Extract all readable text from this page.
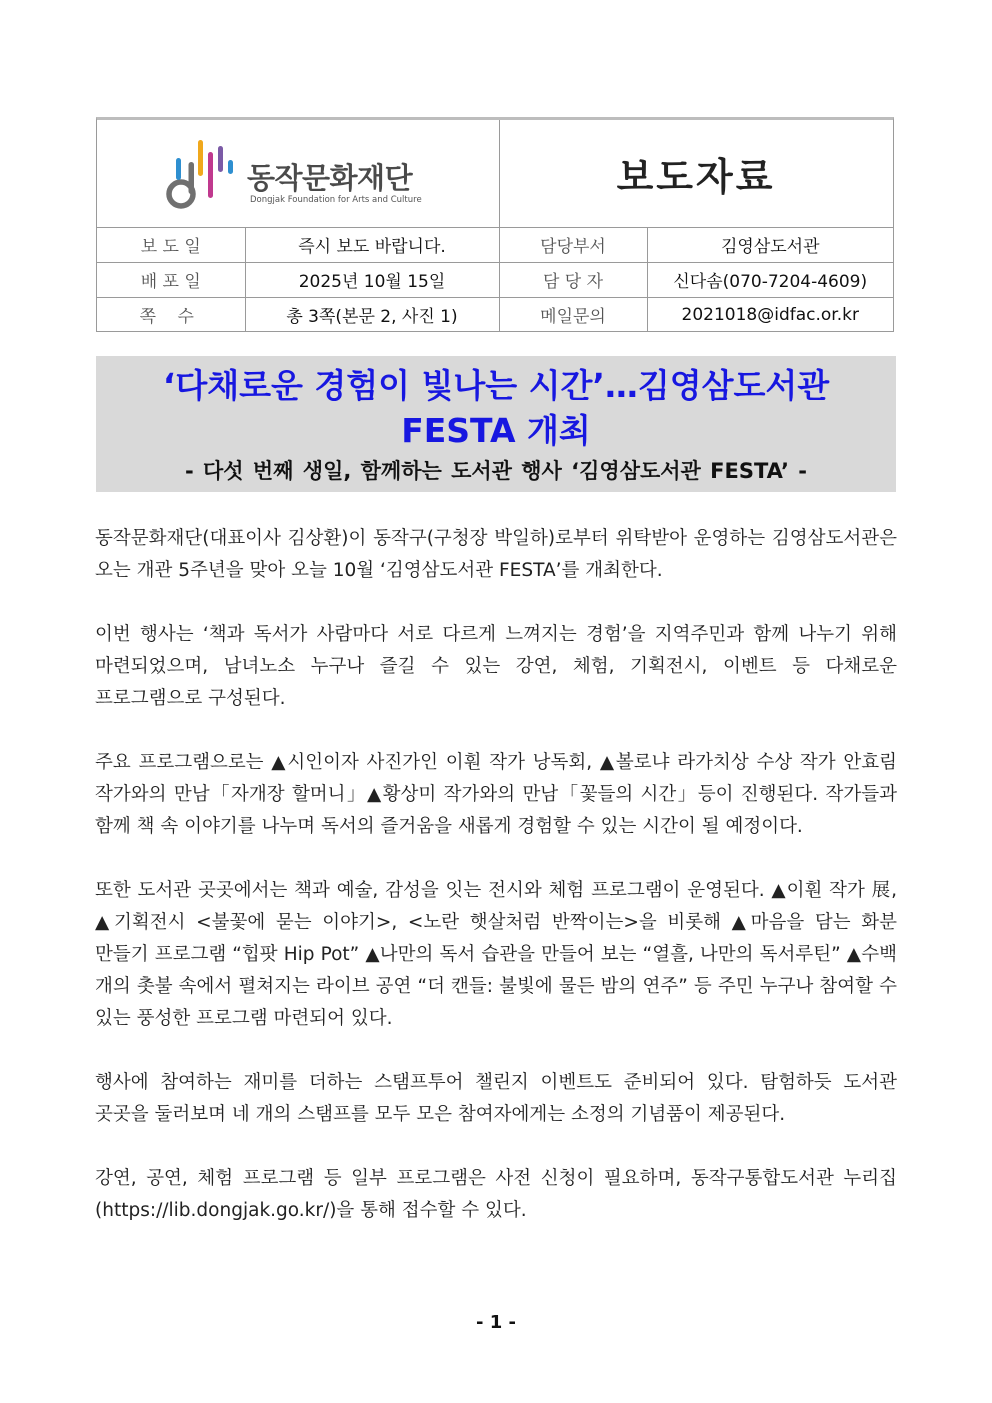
동작문화재단
Dongjak Foundation for Arts and Culture
보도자료
보 도 일	즉시 보도 바랍니다.	담당부서	김영삼도서관
배 포 일	2025년 10월 15일	담 당 자	신다솜(070-7204-4609)
쪽 수	총 3쪽(본문 2, 사진 1)	메일문의	2021018@idfac.or.kr
‘다채로운 경험이 빛나는 시간’…김영삼도서관
FESTA 개최
- 다섯 번째 생일, 함께하는 도서관 행사 ‘김영삼도서관 FESTA’ -

동작문화재단(대표이사 김상환)이 동작구(구청장 박일하)로부터 위탁받아 운영하는 김영삼도서관은 오는 개관 5주년을 맞아 오늘 10월 ‘김영삼도서관 FESTA’를 개최한다.

이번 행사는 ‘책과 독서가 사람마다 서로 다르게 느껴지는 경험’을 지역주민과 함께 나누기 위해 마련되었으며, 남녀노소 누구나 즐길 수 있는 강연, 체험, 기획전시, 이벤트 등 다채로운 프로그램으로 구성된다.

주요 프로그램으로는 ▲시인이자 사진가인 이훤 작가 낭독회, ▲볼로냐 라가치상 수상 작가 안효림 작가와의 만남「자개장 할머니」▲황상미 작가와의 만남「꽃들의 시간」등이 진행된다. 작가들과 함께 책 속 이야기를 나누며 독서의 즐거움을 새롭게 경험할 수 있는 시간이 될 예정이다.

또한 도서관 곳곳에서는 책과 예술, 감성을 잇는 전시와 체험 프로그램이 운영된다. ▲이훤 작가 展, ▲기획전시 <불꽃에 묻는 이야기>, <노란 햇살처럼 반짝이는>을 비롯해 ▲마음을 담는 화분 만들기 프로그램 “힙팟 Hip Pot” ▲나만의 독서 습관을 만들어 보는 “열흘, 나만의 독서루틴” ▲수백 개의 촛불 속에서 펼쳐지는 라이브 공연 “더 캔들: 불빛에 물든 밤의 연주” 등 주민 누구나 참여할 수 있는 풍성한 프로그램 마련되어 있다.

행사에 참여하는 재미를 더하는 스탬프투어 챌린지 이벤트도 준비되어 있다. 탐험하듯 도서관 곳곳을 둘러보며 네 개의 스탬프를 모두 모은 참여자에게는 소정의 기념품이 제공된다.

강연, 공연, 체험 프로그램 등 일부 프로그램은 사전 신청이 필요하며, 동작구통합도서관 누리집(https://lib.dongjak.go.kr/)을 통해 접수할 수 있다.

- 1 -
